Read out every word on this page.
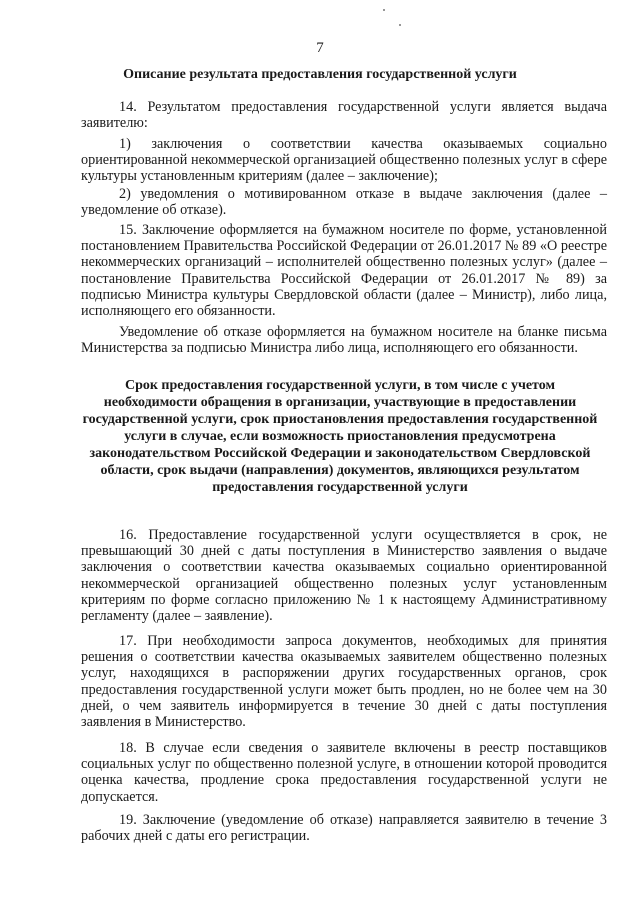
7
Описание результата предоставления государственной услуги
14. Результатом предоставления государственной услуги является выдача заявителю:
1) заключения о соответствии качества оказываемых социально ориентированной некоммерческой организацией общественно полезных услуг в сфере культуры установленным критериям (далее – заключение);
2) уведомления о мотивированном отказе в выдаче заключения (далее – уведомление об отказе).
15. Заключение оформляется на бумажном носителе по форме, установленной постановлением Правительства Российской Федерации от 26.01.2017 № 89 «О реестре некоммерческих организаций – исполнителей общественно полезных услуг» (далее – постановление Правительства Российской Федерации от 26.01.2017 № 89) за подписью Министра культуры Свердловской области (далее – Министр), либо лица, исполняющего его обязанности.
Уведомление об отказе оформляется на бумажном носителе на бланке письма Министерства за подписью Министра либо лица, исполняющего его обязанности.
Срок предоставления государственной услуги, в том числе с учетом необходимости обращения в организации, участвующие в предоставлении государственной услуги, срок приостановления предоставления государственной услуги в случае, если возможность приостановления предусмотрена законодательством Российской Федерации и законодательством Свердловской области, срок выдачи (направления) документов, являющихся результатом предоставления государственной услуги
16. Предоставление государственной услуги осуществляется в срок, не превышающий 30 дней с даты поступления в Министерство заявления о выдаче заключения о соответствии качества оказываемых социально ориентированной некоммерческой организацией общественно полезных услуг установленным критериям по форме согласно приложению № 1 к настоящему Административному регламенту (далее – заявление).
17. При необходимости запроса документов, необходимых для принятия решения о соответствии качества оказываемых заявителем общественно полезных услуг, находящихся в распоряжении других государственных органов, срок предоставления государственной услуги может быть продлен, но не более чем на 30 дней, о чем заявитель информируется в течение 30 дней с даты поступления заявления в Министерство.
18. В случае если сведения о заявителе включены в реестр поставщиков социальных услуг по общественно полезной услуге, в отношении которой проводится оценка качества, продление срока предоставления государственной услуги не допускается.
19. Заключение (уведомление об отказе) направляется заявителю в течение 3 рабочих дней с даты его регистрации.
